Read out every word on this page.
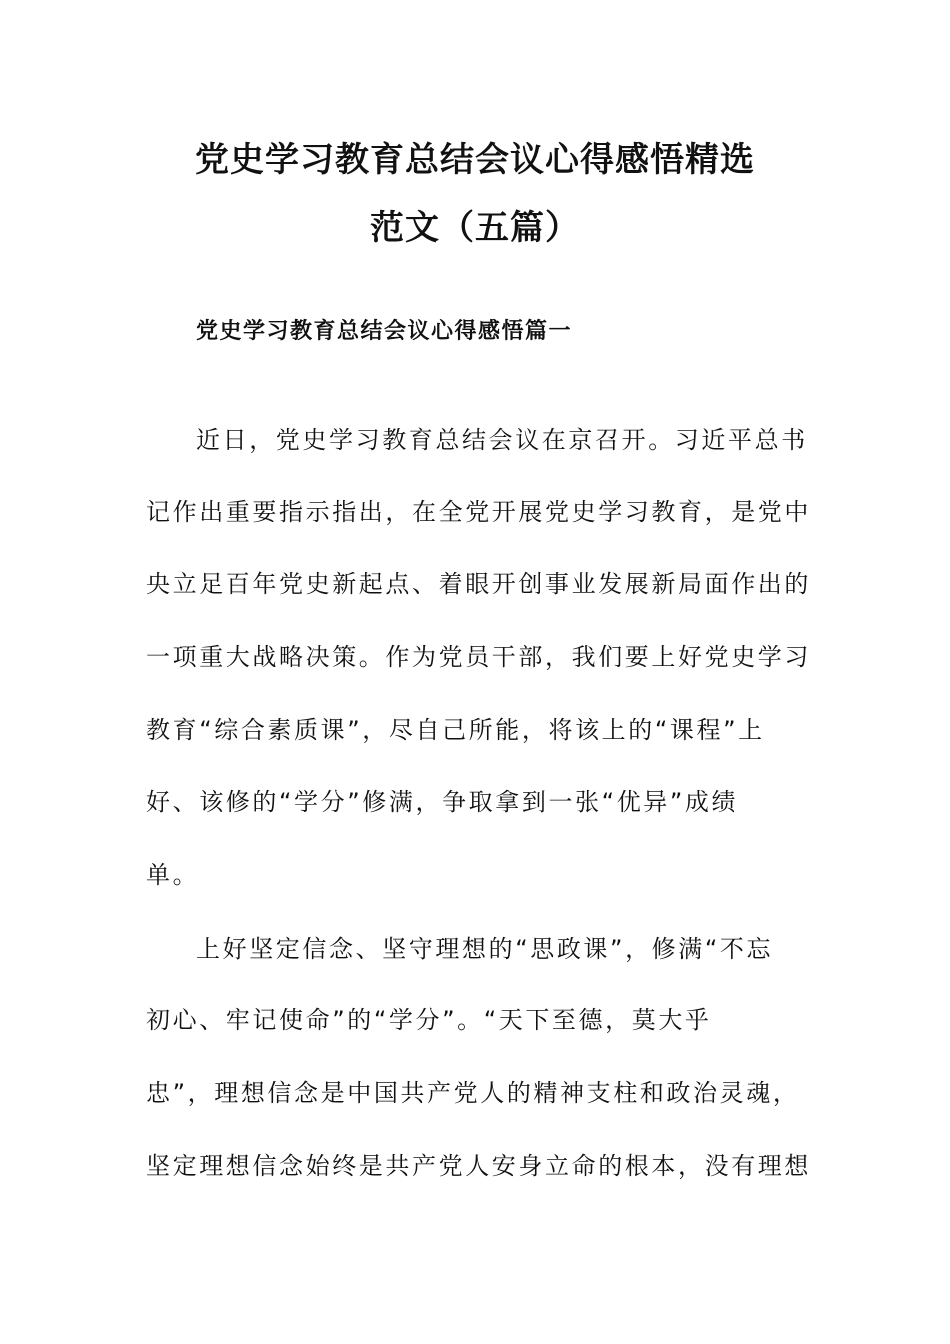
党史学习教育总结会议心得感悟精选
范文（五篇）
党史学习教育总结会议心得感悟篇一
近日，党史学习教育总结会议在京召开。习近平总书
记作出重要指示指出，在全党开展党史学习教育，是党中
央立足百年党史新起点、着眼开创事业发展新局面作出的
一项重大战略决策。作为党员干部，我们要上好党史学习
教育“综合素质课”，尽自己所能，将该上的“课程”上
好、该修的“学分”修满，争取拿到一张“优异”成绩
单。
上好坚定信念、坚守理想的“思政课”，修满“不忘
初心、牢记使命”的“学分”。“天下至德，莫大乎
忠”，理想信念是中国共产党人的精神支柱和政治灵魂，
坚定理想信念始终是共产党人安身立命的根本，没有理想
